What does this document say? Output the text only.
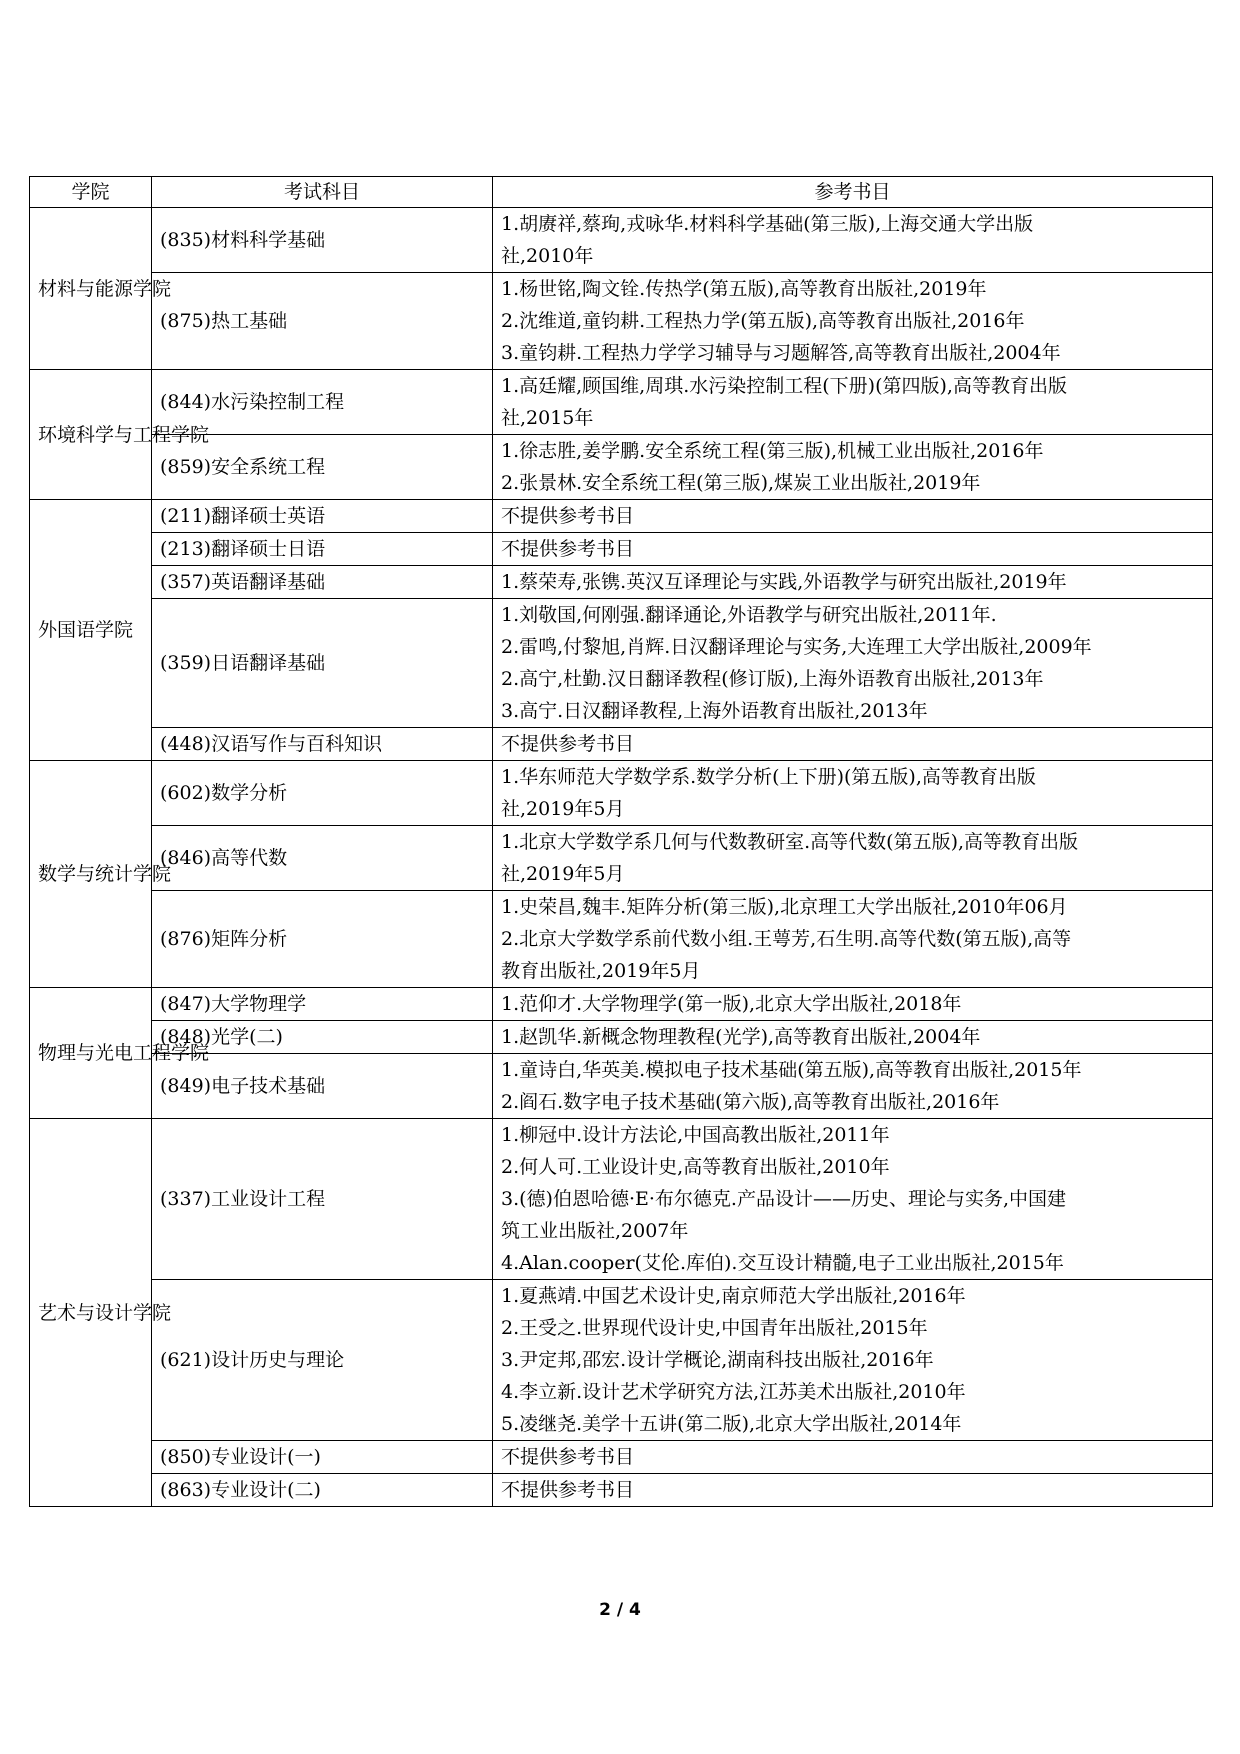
学院	考试科目	参考书目
材料与能源学院	(835)材料科学基础	1.胡赓祥,蔡珣,戎咏华.材料科学基础(第三版),上海交通大学出版
社,2010年

	(875)热工基础	1.杨世铭,陶文铨.传热学(第五版),高等教育出版社,2019年
2.沈维道,童钧耕.工程热力学(第五版),高等教育出版社,2016年
3.童钧耕.工程热力学学习辅导与习题解答,高等教育出版社,2004年

环境科学与工程学院	(844)水污染控制工程	1.高廷耀,顾国维,周琪.水污染控制工程(下册)(第四版),高等教育出版
社,2015年

	(859)安全系统工程	1.徐志胜,姜学鹏.安全系统工程(第三版),机械工业出版社,2016年
2.张景林.安全系统工程(第三版),煤炭工业出版社,2019年

外国语学院	(211)翻译硕士英语	不提供参考书目

	(213)翻译硕士日语	不提供参考书目

	(357)英语翻译基础	1.蔡荣寿,张镌.英汉互译理论与实践,外语教学与研究出版社,2019年

	(359)日语翻译基础	1.刘敬国,何刚强.翻译通论,外语教学与研究出版社,2011年.
2.雷鸣,付黎旭,肖辉.日汉翻译理论与实务,大连理工大学出版社,2009年
2.高宁,杜勤.汉日翻译教程(修订版),上海外语教育出版社,2013年
3.高宁.日汉翻译教程,上海外语教育出版社,2013年

	(448)汉语写作与百科知识	不提供参考书目

数学与统计学院	(602)数学分析	1.华东师范大学数学系.数学分析(上下册)(第五版),高等教育出版
社,2019年5月

	(846)高等代数	1.北京大学数学系几何与代数教研室.高等代数(第五版),高等教育出版
社,2019年5月

	(876)矩阵分析	1.史荣昌,魏丰.矩阵分析(第三版),北京理工大学出版社,2010年06月
2.北京大学数学系前代数小组.王萼芳,石生明.高等代数(第五版),高等
教育出版社,2019年5月

物理与光电工程学院	(847)大学物理学	1.范仰才.大学物理学(第一版),北京大学出版社,2018年

	(848)光学(二)	1.赵凯华.新概念物理教程(光学),高等教育出版社,2004年

	(849)电子技术基础	1.童诗白,华英美.模拟电子技术基础(第五版),高等教育出版社,2015年
2.阎石.数字电子技术基础(第六版),高等教育出版社,2016年

艺术与设计学院	(337)工业设计工程	1.柳冠中.设计方法论,中国高教出版社,2011年
2.何人可.工业设计史,高等教育出版社,2010年
3.(德)伯恩哈德·E·布尔德克.产品设计——历史、理论与实务,中国建
筑工业出版社,2007年
4.Alan.cooper(艾伦.库伯).交互设计精髓,电子工业出版社,2015年

	(621)设计历史与理论	1.夏燕靖.中国艺术设计史,南京师范大学出版社,2016年
2.王受之.世界现代设计史,中国青年出版社,2015年
3.尹定邦,邵宏.设计学概论,湖南科技出版社,2016年
4.李立新.设计艺术学研究方法,江苏美术出版社,2010年
5.凌继尧.美学十五讲(第二版),北京大学出版社,2014年

	(850)专业设计(一)	不提供参考书目

	(863)专业设计(二)	不提供参考书目
2 / 4
